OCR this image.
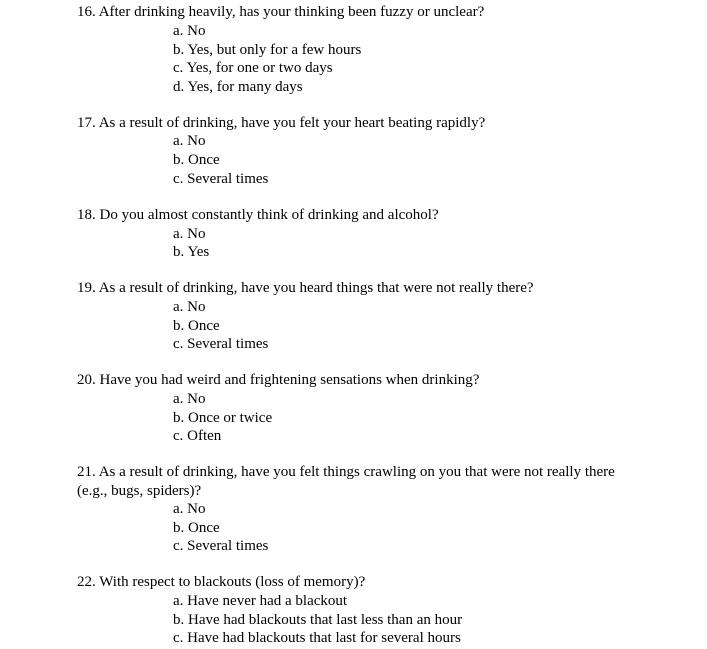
16. After drinking heavily, has your thinking been fuzzy or unclear?
a. No
b. Yes, but only for a few hours
c. Yes, for one or two days
d. Yes, for many days
17. As a result of drinking, have you felt your heart beating rapidly?
a. No
b. Once
c. Several times
18. Do you almost constantly think of drinking and alcohol?
a. No
b. Yes
19. As a result of drinking, have you heard things that were not really there?
a. No
b. Once
c. Several times
20. Have you had weird and frightening sensations when drinking?
a. No
b. Once or twice
c. Often
21. As a result of drinking, have you felt things crawling on you that were not really there (e.g., bugs, spiders)?
a. No
b. Once
c. Several times
22. With respect to blackouts (loss of memory)?
a. Have never had a blackout
b. Have had blackouts that last less than an hour
c. Have had blackouts that last for several hours
